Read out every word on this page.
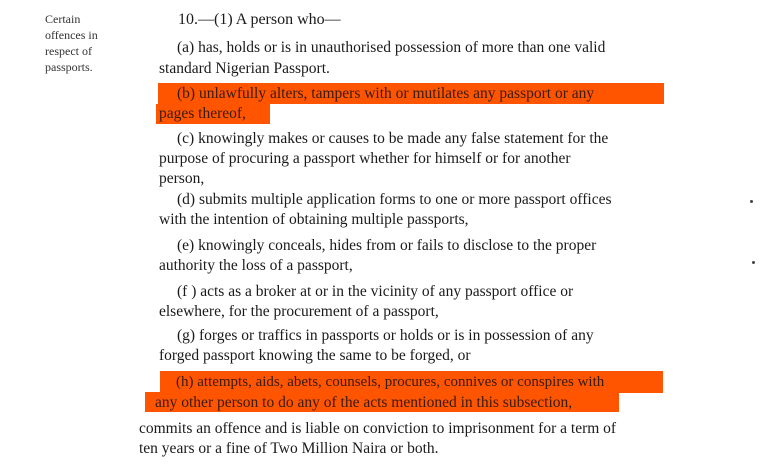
Certain
offences in
respect of
passports.
10.—(1) A person who—
(a) has, holds or is in unauthorised possession of more than one valid
standard Nigerian Passport.
(b) unlawfully alters, tampers with or mutilates any passport or any
pages thereof,
(c) knowingly makes or causes to be made any false statement for the
purpose of procuring a passport whether for himself or for another
person,
(d) submits multiple application forms to one or more passport offices
with the intention of obtaining multiple passports,
(e) knowingly conceals, hides from or fails to disclose to the proper
authority the loss of a passport,
(f ) acts as a broker at or in the vicinity of any passport office or
elsewhere, for the procurement of a passport,
(g) forges or traffics in passports or holds or is in possession of any
forged passport knowing the same to be forged, or
(h) attempts, aids, abets, counsels, procures, connives or conspires with
any other person to do any of the acts mentioned in this subsection,
commits an offence and is liable on conviction to imprisonment for a term of
ten years or a fine of Two Million Naira or both.
